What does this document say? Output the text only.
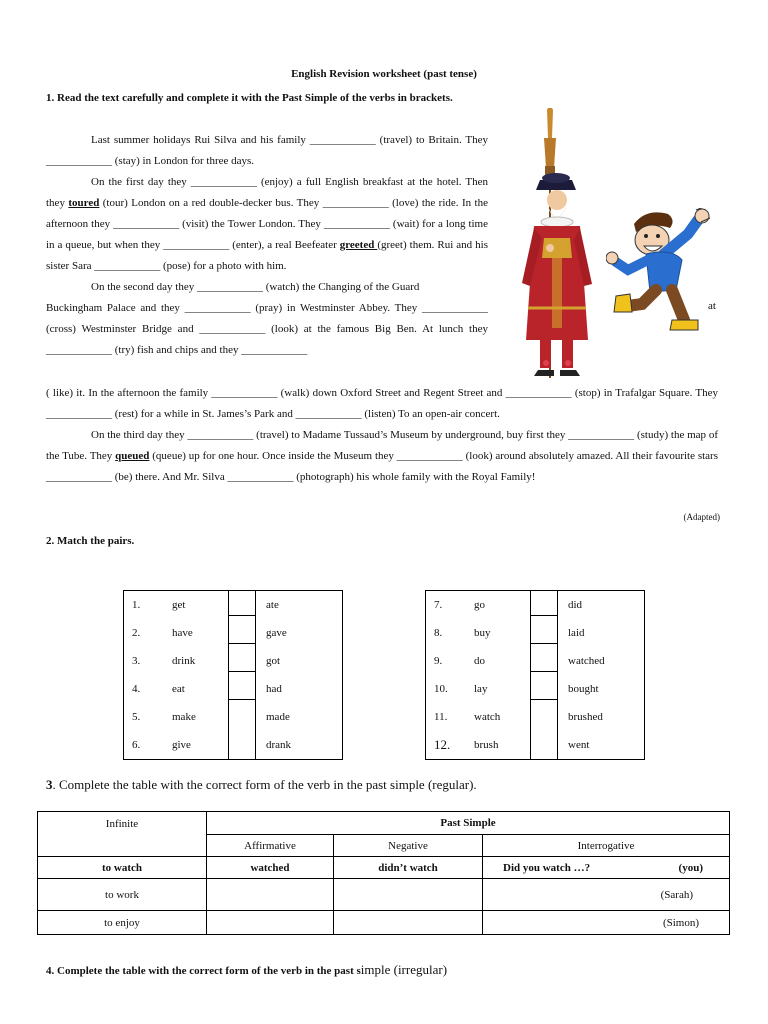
English Revision worksheet (past tense)
1. Read the text carefully and complete it with the Past Simple of the verbs in brackets.

Last summer holidays Rui Silva and his family ____________ (travel) to Britain. They ____________ (stay) in London for three days.

On the first day they ____________ (enjoy) a full English breakfast at the hotel. Then they toured (tour) London on a red double-decker bus. They ____________ (love) the ride. In the afternoon they ____________ (visit) the Tower London. They ____________ (wait) for a long time in a queue, but when they ____________ (enter), a real Beefeater greeted (greet) them. Rui and his sister Sara ____________ (pose) for a photo with him.

On the second day they ____________ (watch) the Changing of the Guard

Buckingham Palace and they ____________ (pray) in Westminster Abbey. They ____________ (cross) Westminster Bridge and ____________ (look) at the famous Big Ben. At lunch they ____________ (try) fish and chips and they ____________

at

( like) it. In the afternoon the family ____________ (walk) down Oxford Street and Regent Street and ____________ (stop) in Trafalgar Square. They ____________ (rest) for a while in St. James’s Park and ____________ (listen) To an open-air concert.

On the third day they ____________ (travel) to Madame Tussaud’s Museum by underground, buy first they ____________ (study) the map of the Tube. They queued (queue) up for one hour. Once inside the Museum they ____________ (look) around absolutely amazed. All their favourite stars ____________ (be) there. And Mr. Silva ____________ (photograph) his whole family with the Royal Family!

(Adapted)
2. Match the pairs.
1.	get		ate
2.	have		gave
3.	drink		got
4.	eat		had
5.	make		made
6.	give		drank
7.	go		did
8.	buy		laid
9.	do		watched
10.	lay		bought
11.	watch		brushed
12.	brush		went
3. Complete the table with the correct form of the verb in the past simple (regular).
Infinite	Past Simple		
	Affirmative	Negative	Interrogative
to watch	watched	didn’t watch	Did you watch …? (you)

to work			(Sarah)
to enjoy			(Simon)
4. Complete the table with the correct form of the verb in the past simple (irregular)
